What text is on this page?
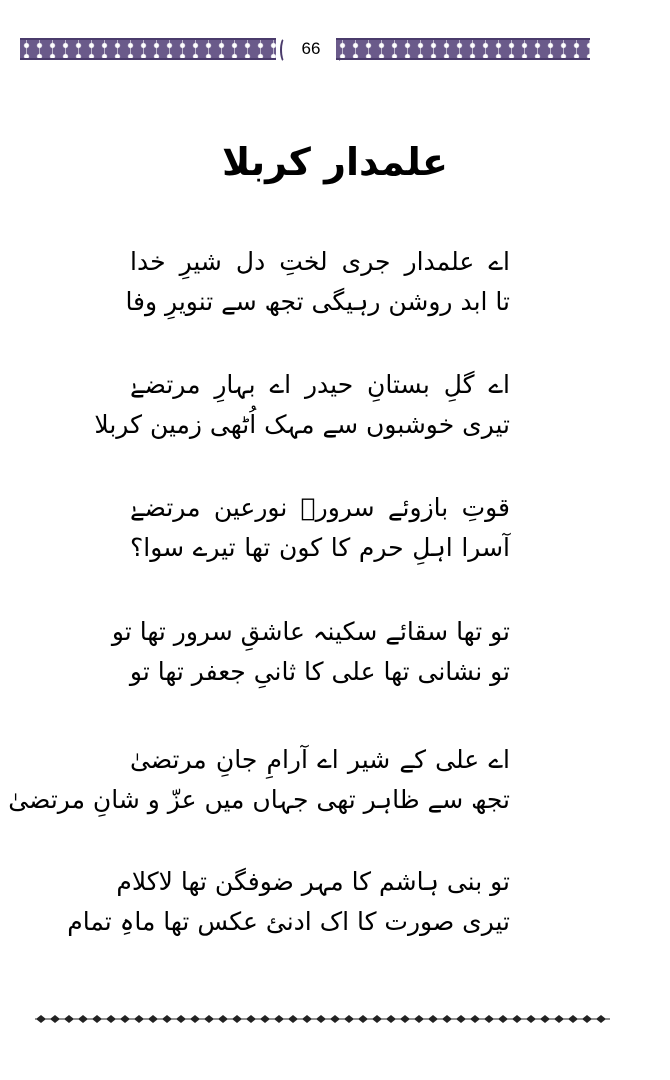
66
علمدار کربلا
اے علمدار جری لختِ دل شیرِ خدا
تا ابد روشن رہیگی تجھ سے تنویرِ وفا
اے گلِ بستانِ حیدر اے بہارِ مرتضےٰ
تیری خوشبوں سے مہک اُٹھی زمین کربلا
قوتِ بازوئے سرورؑ نورعین مرتضےٰ
آسرا اہلِ حرم کا کون تھا تیرے سوا؟
تو تھا سقائے سکینہ عاشقِ سرور تھا تو
تو نشانی تھا علی کا ثانیِ جعفر تھا تو
اے علی کے شیر اے آرامِ جانِ مرتضیٰ
تجھ سے ظاہر تھی جہاں میں عزّ و شانِ مرتضیٰ
تو بنی ہاشم کا مہر ضوفگن تھا لاکلام
تیری صورت کا اک ادنئ عکس تھا ماہِ تمام
